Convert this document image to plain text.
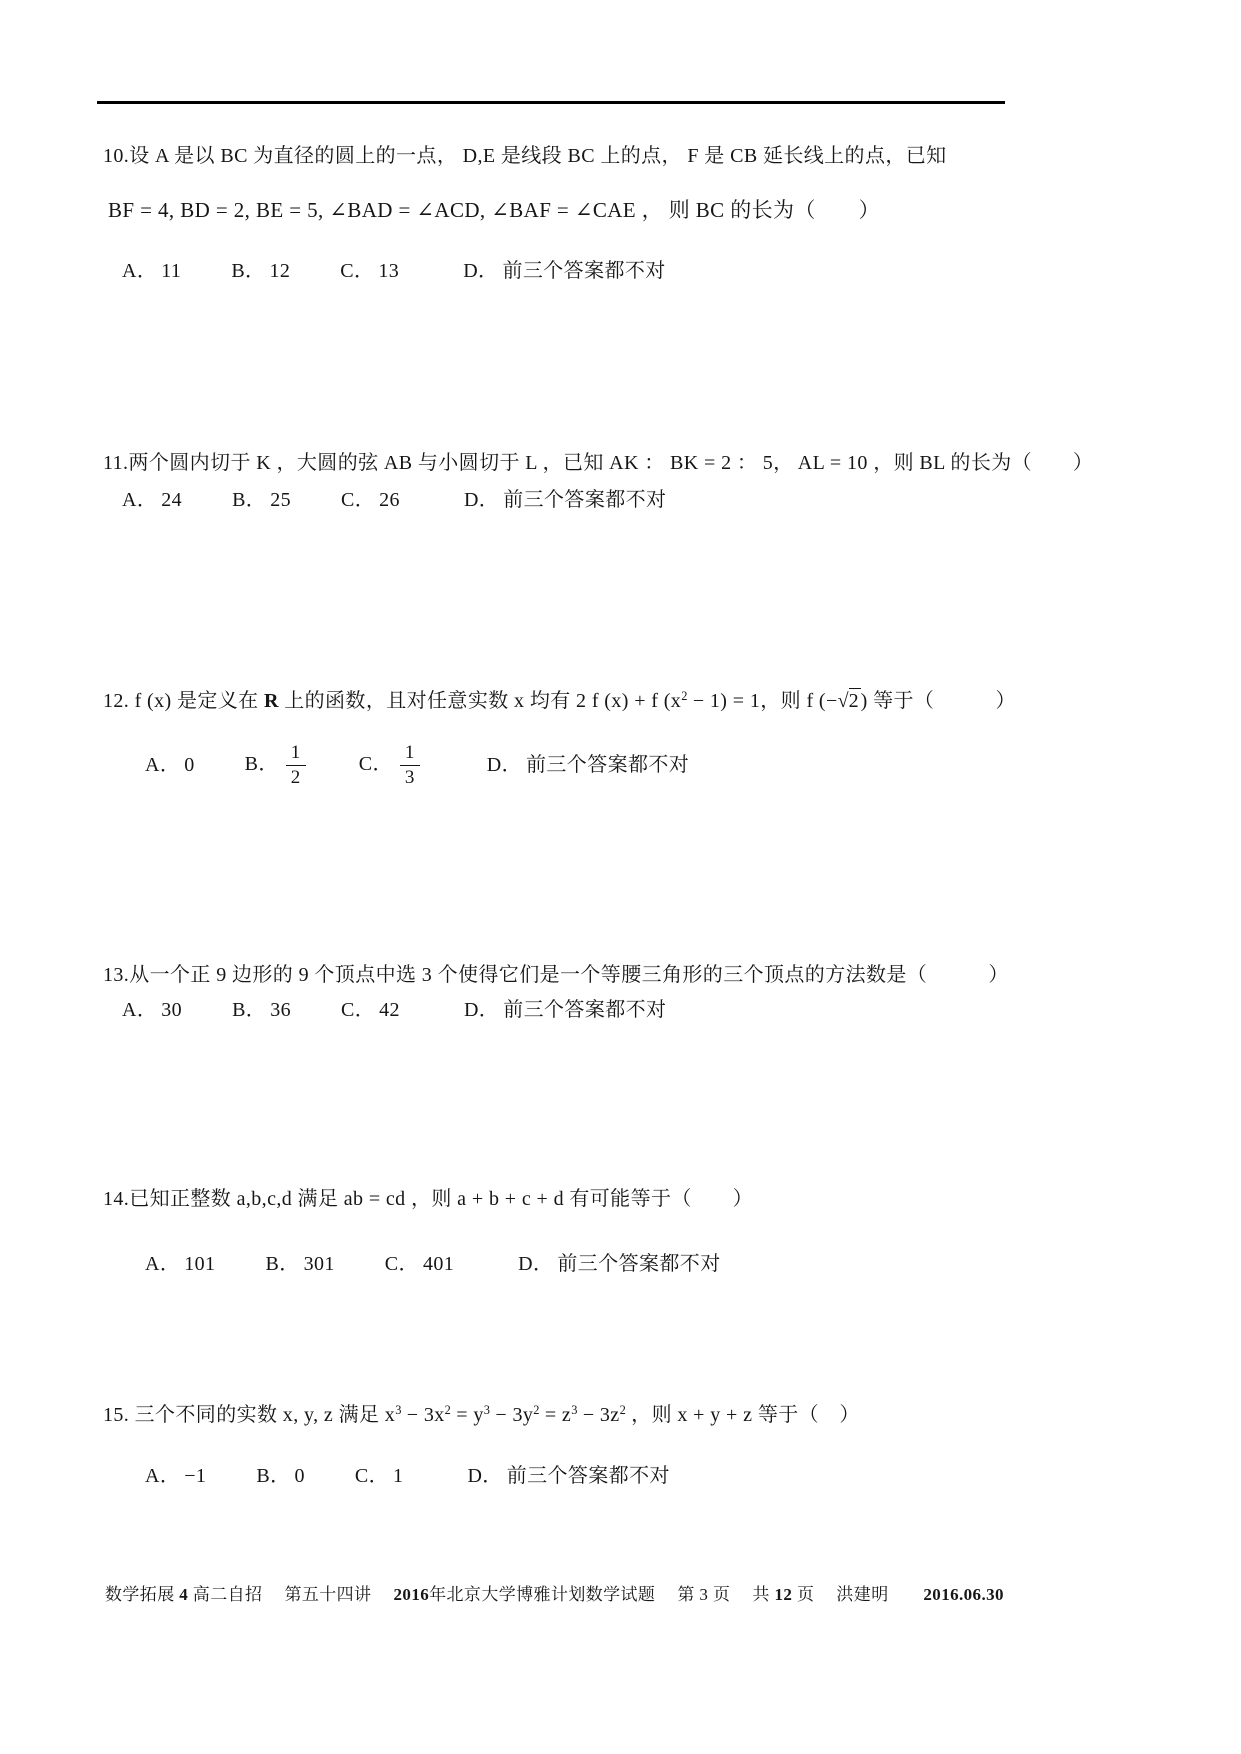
10.设 A 是以 BC 为直径的圆上的一点， D,E 是线段 BC 上的点， F 是 CB 延长线上的点，已知
BF = 4, BD = 2, BE = 5, ∠BAD = ∠ACD, ∠BAF = ∠CAE ， 则 BC 的长为（　　）
A． 11	B． 12	C． 13	D． 前三个答案都不对
11.两个圆内切于 K ，大圆的弦 AB 与小圆切于 L ，已知 AK ： BK = 2 ： 5， AL = 10 ，则 BL 的长为（　　）
A． 24	B． 25	C． 26	D． 前三个答案都不对
12. f (x) 是定义在 R 上的函数，且对任意实数 x 均有 2 f (x) + f $(x^2 - 1) = 1$，则 f (−√2 ) 等于（　　　）
A． 0	B． $\frac{1}{2}$	C． $\frac{1}{3}$	D． 前三个答案都不对
13.从一个正 9 边形的 9 个顶点中选 3 个使得它们是一个等腰三角形的三个顶点的方法数是（　　　）
A． 30	B． 36	C． 42	D． 前三个答案都不对
14.已知正整数 a,b,c,d 满足 ab = cd ，则 a + b + c + d 有可能等于（　　）
A． 101	B． 301	C． 401	D． 前三个答案都不对
15. 三个不同的实数 x, y, z 满足 $x^3 - 3x^2 = y^3 - 3y^2 = z^3 - 3z^2$ ，则 x + y + z 等于（　）
A． −1	B． 0	C． 1	D． 前三个答案都不对
数学拓展 4 高二自招　 第五十四讲　 2016年北京大学博雅计划数学试题　 第 3 页　 共 12 页　 洪建明　　2016.06.30
